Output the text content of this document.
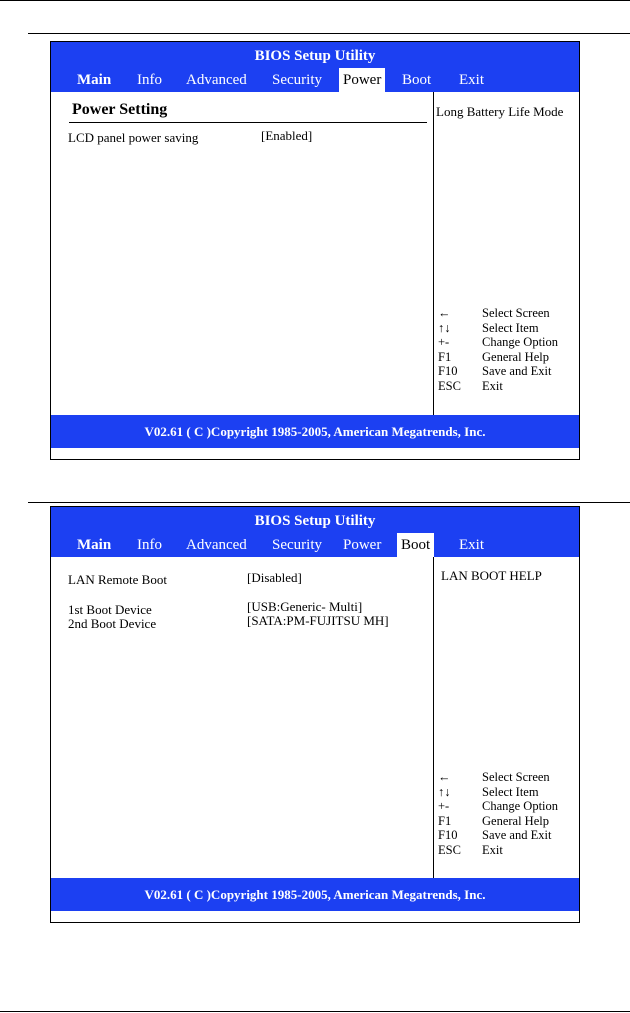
BIOS Setup Utility
Main Info Advanced Security Power Boot Exit
Power Setting
LCD panel power saving	[Enabled]
Long Battery Life Mode
←	Select Screen
↑↓	Select Item
+-	Change Option
F1	General Help
F10	Save and Exit
ESC	Exit
V02.61 ( C )Copyright 1985-2005, American Megatrends, Inc.
BIOS Setup Utility
Main Info Advanced Security Power Boot Exit
LAN Remote Boot	[Disabled]
1st Boot Device	[USB:Generic- Multi]
2nd Boot Device	[SATA:PM-FUJITSU MH]
LAN BOOT HELP
←	Select Screen
↑↓	Select Item
+-	Change Option
F1	General Help
F10	Save and Exit
ESC	Exit
V02.61 ( C )Copyright 1985-2005, American Megatrends, Inc.
